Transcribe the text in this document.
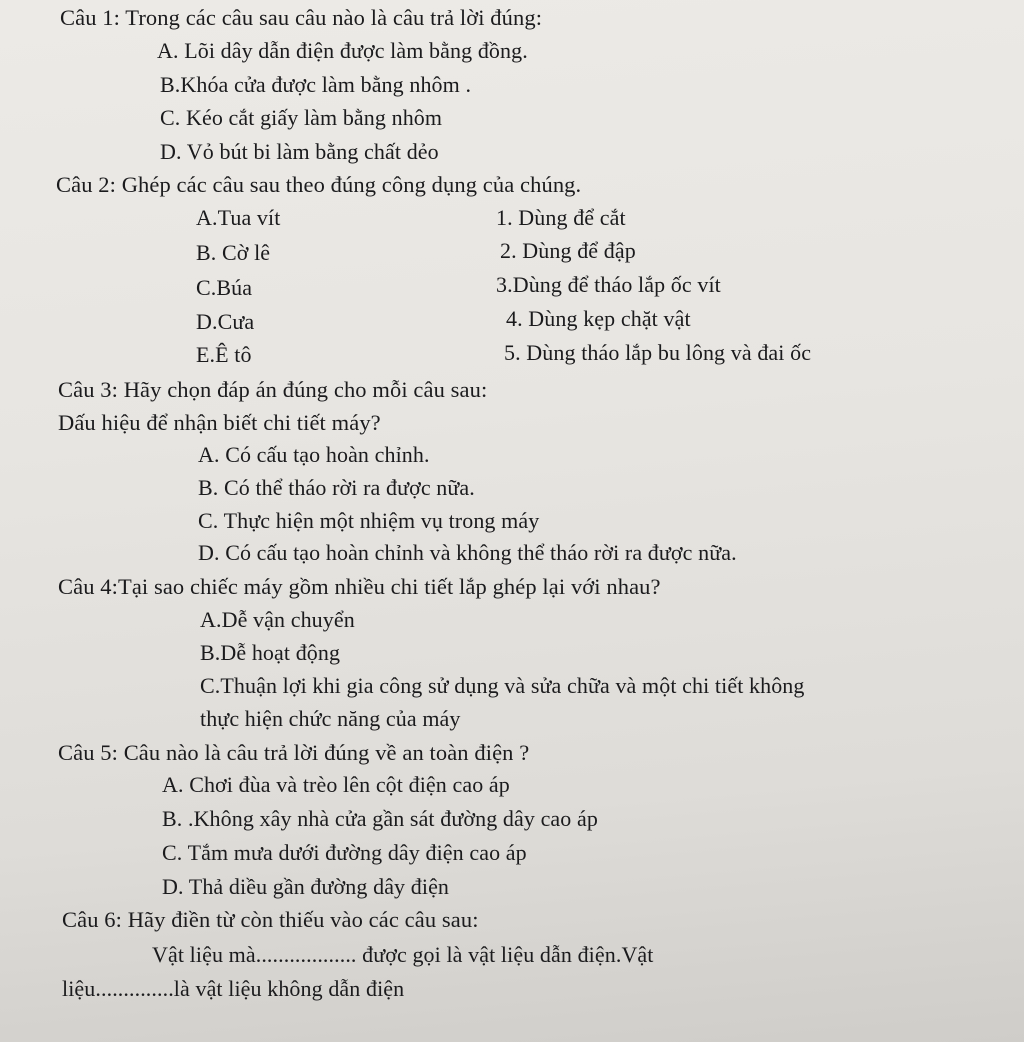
Câu 1: Trong các câu sau câu nào là câu trả lời đúng:
A. Lõi dây dẫn điện được làm bằng đồng.
B.Khóa cửa được làm bằng nhôm .
C. Kéo cắt giấy làm bằng nhôm
D. Vỏ bút bi làm bằng chất dẻo
Câu 2: Ghép các câu sau theo đúng công dụng của chúng.
A.Tua vít
B. Cờ lê
C.Búa
D.Cưa
E.Ê tô
1. Dùng để cắt
2. Dùng để đập
3.Dùng để tháo lắp ốc vít
4. Dùng kẹp chặt vật
5. Dùng tháo lắp bu lông và đai ốc
Câu 3: Hãy chọn đáp án đúng cho mỗi câu sau:
Dấu hiệu để nhận biết chi tiết máy?
A. Có cấu tạo hoàn chỉnh.
B. Có thể tháo rời ra được nữa.
C. Thực hiện một nhiệm vụ trong máy
D. Có cấu tạo hoàn chỉnh và không thể tháo rời ra được nữa.
Câu 4:Tại sao chiếc máy gồm nhiều chi tiết lắp ghép lại với nhau?
A.Dễ vận chuyển
B.Dễ hoạt động
C.Thuận lợi khi gia công sử dụng và sửa chữa và một chi tiết không
thực hiện chức năng của máy
Câu 5: Câu nào là câu trả lời đúng về an toàn điện ?
A. Chơi đùa và trèo lên cột điện cao áp
B. .Không xây nhà cửa gần sát đường dây cao áp
C. Tắm mưa dưới đường dây điện cao áp
D. Thả diều gần đường dây điện
Câu 6: Hãy điền từ còn thiếu vào các câu sau:
Vật liệu mà.................. được gọi là vật liệu dẫn điện.Vật
liệu..............là vật liệu không dẫn điện
